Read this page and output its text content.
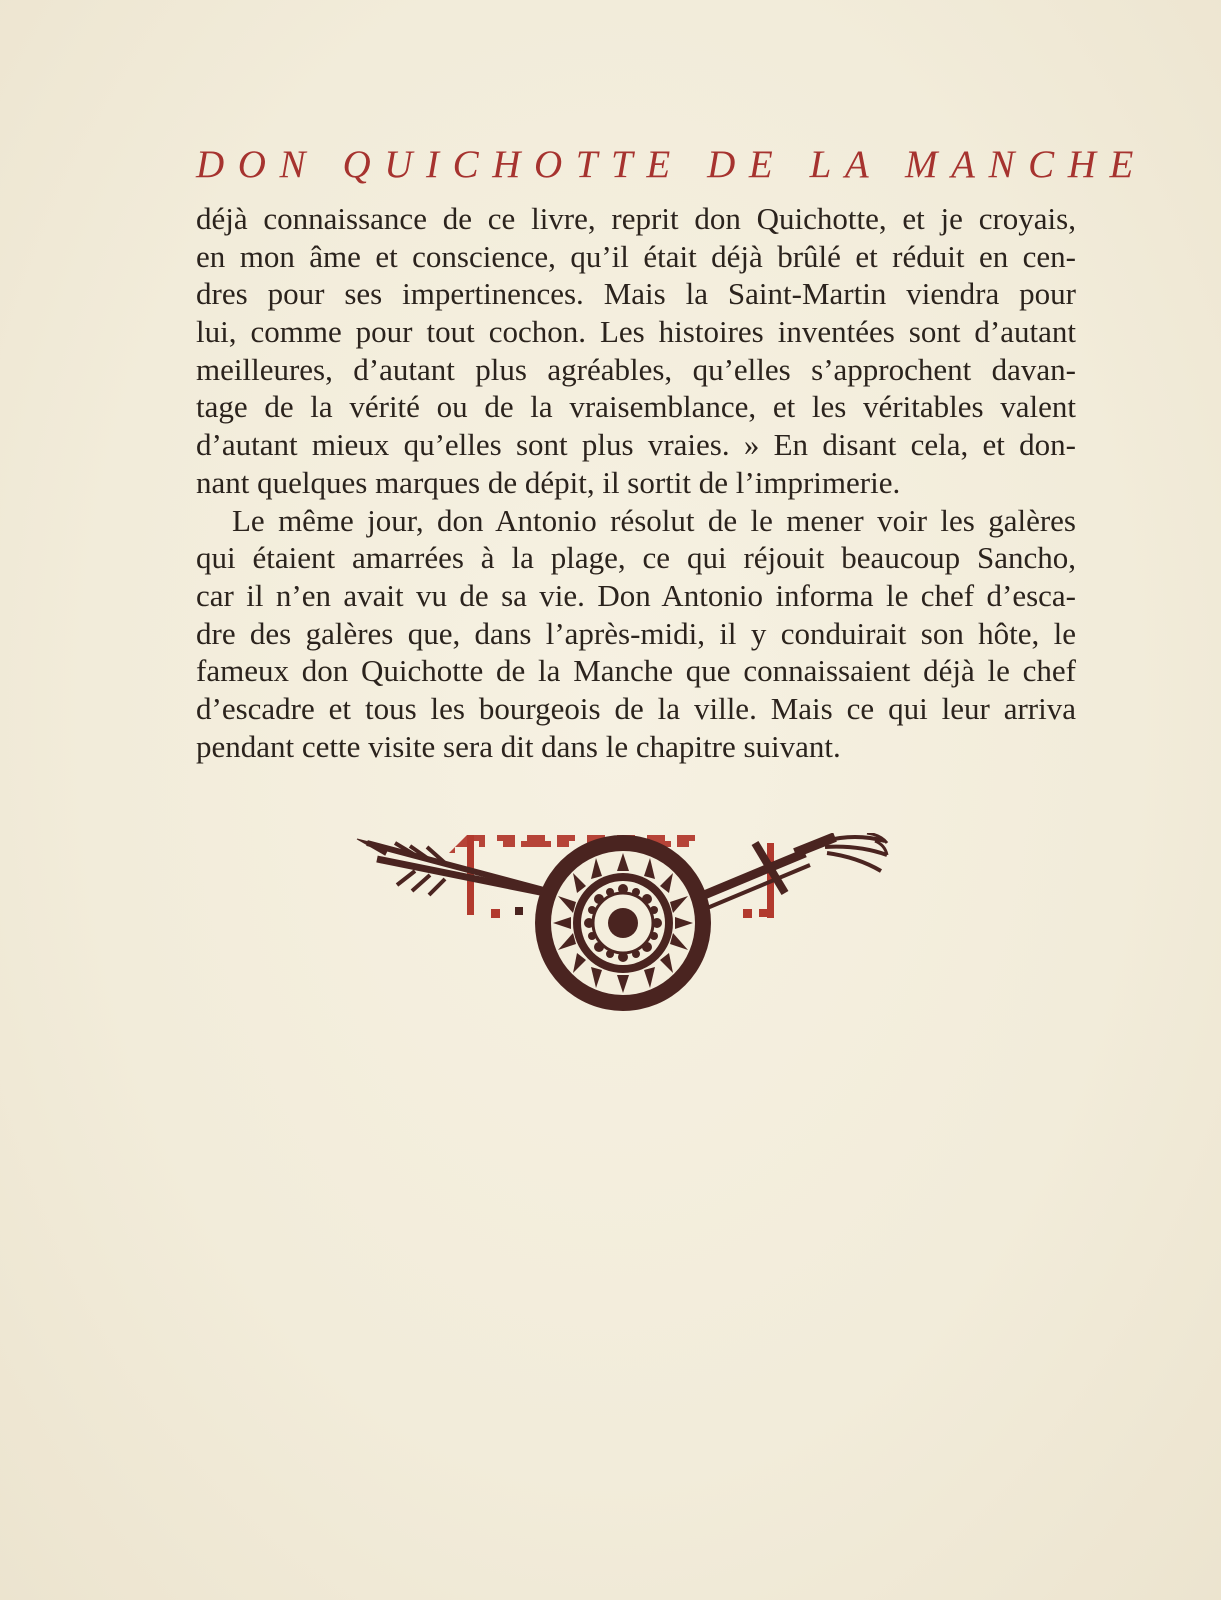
DON QUICHOTTE DE LA MANCHE
déjà connaissance de ce livre, reprit don Quichotte, et je croyais,
en mon âme et conscience, qu’il était déjà brûlé et réduit en cen-
dres pour ses impertinences. Mais la Saint-Martin viendra pour
lui, comme pour tout cochon. Les histoires inventées sont d’autant
meilleures, d’autant plus agréables, qu’elles s’approchent davan-
tage de la vérité ou de la vraisemblance, et les véritables valent
d’autant mieux qu’elles sont plus vraies. » En disant cela, et don-
nant quelques marques de dépit, il sortit de l’imprimerie.
Le même jour, don Antonio résolut de le mener voir les galères
qui étaient amarrées à la plage, ce qui réjouit beaucoup Sancho,
car il n’en avait vu de sa vie. Don Antonio informa le chef d’esca-
dre des galères que, dans l’après-midi, il y conduirait son hôte, le
fameux don Quichotte de la Manche que connaissaient déjà le chef
d’escadre et tous les bourgeois de la ville. Mais ce qui leur arriva
pendant cette visite sera dit dans le chapitre suivant.
